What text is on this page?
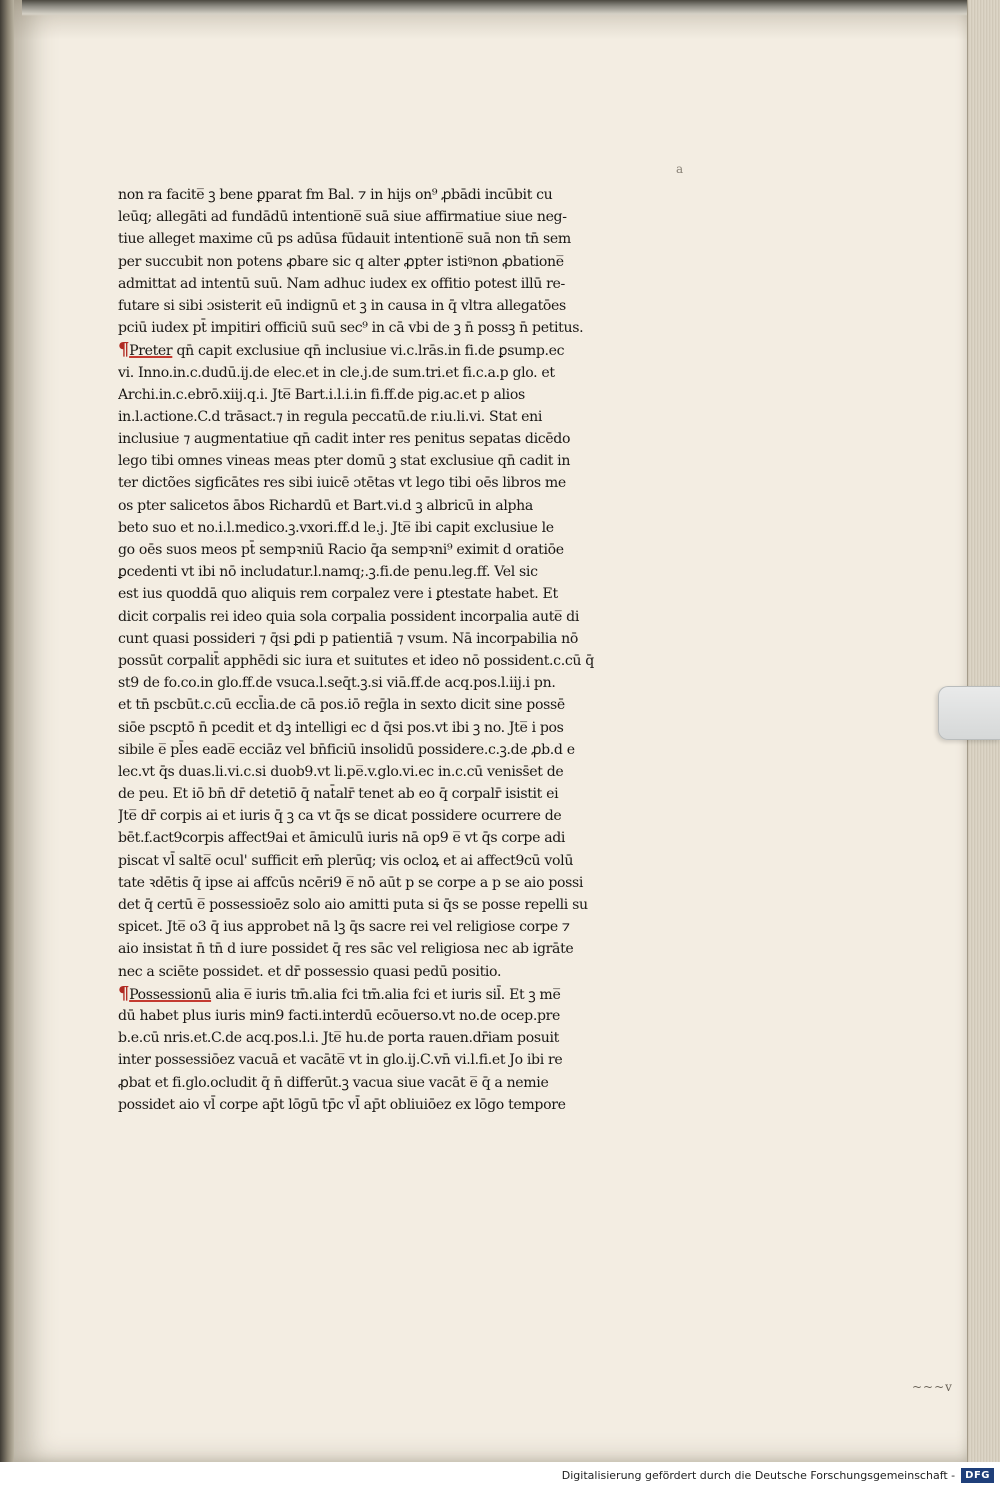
a
non ra facite̅ ꝫ bene ꝑparat fm Bal. ⁊ in hijs on⁹ ꝓbādi incūbit cu
leūq; allegāti ad fundādū intentione̅ suā siue affirmatiue siue neg-
tiue alleget maxime cū ps adūsa fūdauit intentione̅ suā non tn̄ sem
per succubit non potens ꝓbare sic q alter ꝓpter istiꝰnon ꝓbatione̅
admittat ad intentū suū. Nam adhuc iudex ex offitio potest illū re-
futare si sibi ɔsisterit eū indignū et ꝫ in causa in q̄ vltra allegatōes
pciū iudex pt̄ impitiri officiū suū sec⁹ in cā vbi de ꝫ n̄ possꝫ n̄ petitus.
¶Preter qn̄ capit exclusiue qn̄ inclusiue vi.c.lrās.in fi.de ꝑsump.ec
vi. Inno.in.c.dudū.ij.de elec.et in cle.j.de sum.tri.et fi.c.a.p glo. et
Archi.in.c.ebrō.xiij.q.i. Jte̅ Bart.i.l.i.in fi.ff.de pig.ac.et p alios
in.l.actione.C.d trāsact.⁊ in regula peccatū.de r.iu.li.vi. Stat eni
inclusiue ⁊ augmentatiue qn̄ cadit inter res penitus sepatas dicēdo
lego tibi omnes vineas meas pter domū ꝫ stat exclusiue qn̄ cadit in
ter dictões sigficātes res sibi iuicē ɔtētas vt lego tibi oēs libros me
os pter salicetos ābos Richardū et Bart.vi.d ꝫ albricū in alpha
beto suo et no.i.l.medico.ꝫ.vxori.ff.d le.j. Jte̅ ibi capit exclusiue le
go oēs suos meos pt̄ sempꝛniū Racio q̄a sempꝛni⁹ eximit d oratiōe
ꝑcedenti vt ibi nō includatur.l.namq;.ꝫ.fi.de penu.leg.ff. Vel sic
est ius quoddā quo aliquis rem corpalez vere i ꝑtestate habet. Et
dicit corpalis rei ideo quia sola corpalia possident incorpalia aute̅ di
cunt quasi possideri ⁊ q̄si ꝑdi p patientiā ⁊ vsum. Nā incorpabilia nō
possūt corpalit̄ apphēdi sic iura et suitutes et ideo nō possident.c.cū q̄
st9 de fo.co.in glo.ff.de vsuca.l.seq̄t.ꝫ.si viā.ff.de acq.pos.l.iij.i pn.
et tn̄ pscbūt.c.cū eccl̄ia.de cā pos.iō reḡla in sexto dicit sine possē
siōe pscptō n̄ pcedit et dꝫ intelligi ec d q̄si pos.vt ibi ꝫ no. Jte̅ i pos
sibile e̅ pl̄es eade̅ ecciāz vel bn̄ficiū insolidū possidere.c.ꝫ.de ꝓb.d e
lec.vt q̄s duas.li.vi.c.si duob9.vt li.pe̅.v.glo.vi.ec in.c.cū veniss̄et de
de peu. Et iō bn̄ dr̄ detetiō q̄ nat̄alr̄ tenet ab eo q̄ corpalr̄ isistit ei
Jte̅ dr̄ corpis ai et iuris q̄ ꝫ ca vt q̄s se dicat possidere ocurrere de
bēt.f.act9corpis affect9ai et āmiculū iuris nā op9 e̅ vt q̄s corpe adi
piscat vl̄ salte̅ ocul' sufficit em̄ plerūq; vis ocloꝝ et ai affect9cū volū
tate ꝛdētis q̄ ipse ai affcūs ncēri9 e̅ nō aūt p se corpe a p se aio possi
det q̄ certū e̅ possessioēz solo aio amitti puta si q̄s se posse repelli su
spicet. Jte̅ o3 q̄ ius approbet nā lꝫ q̄s sacre rei vel religiose corpe ⁊
aio insistat n̄ tn̄ d iure possidet q̄ res sāc vel religiosa nec ab igrāte
nec a sciēte possidet. et dr̄ possessio quasi pedū positio.
¶Possessionū alia e̅ iuris tm̄.alia fci tm̄.alia fci et iuris sil̄. Et ꝫ me̅
dū habet plus iuris min9 facti.interdū ecōuerso.vt no.de ocep.pre
b.e.cū nris.et.C.de acq.pos.l.i. Jte̅ hu.de porta rauen.dr̄iam posuit
inter possessiōez vacuā et vacāte̅ vt in glo.ij.C.vn̄ vi.l.fi.et Jo ibi re
ꝓbat et fi.glo.ocludit q̄ n̄ differūt.ꝫ vacua siue vacāt e̅ q̄ a nemie
possidet aio vl̄ corpe ap̄t lōgū tp̄c vl̄ ap̄t obliuiōez ex lōgo tempore
~~~v
Digitalisierung gefördert durch die Deutsche Forschungsgemeinschaft -	DFG
